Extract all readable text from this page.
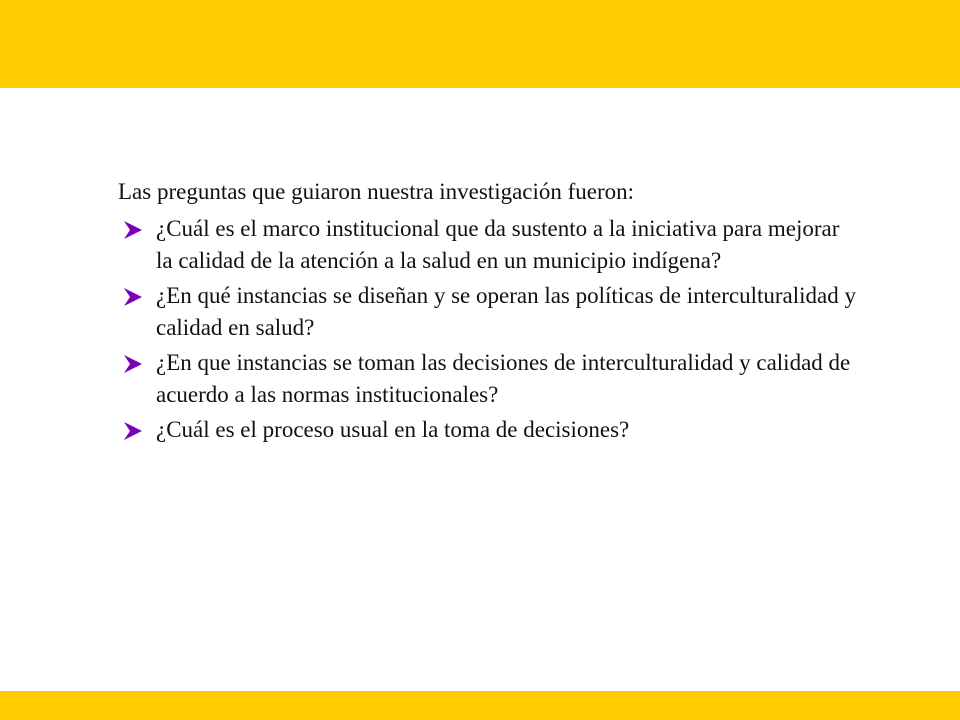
Las preguntas que guiaron nuestra investigación fueron:

¿Cuál es el marco institucional que da sustento a la iniciativa para mejorar la calidad de la atención a la salud en un municipio indígena?
¿En qué instancias se diseñan y se operan las políticas de interculturalidad y calidad en salud?
¿En que instancias se toman las decisiones de interculturalidad y calidad de acuerdo a las normas institucionales?
¿Cuál es el proceso usual en la toma de decisiones?
